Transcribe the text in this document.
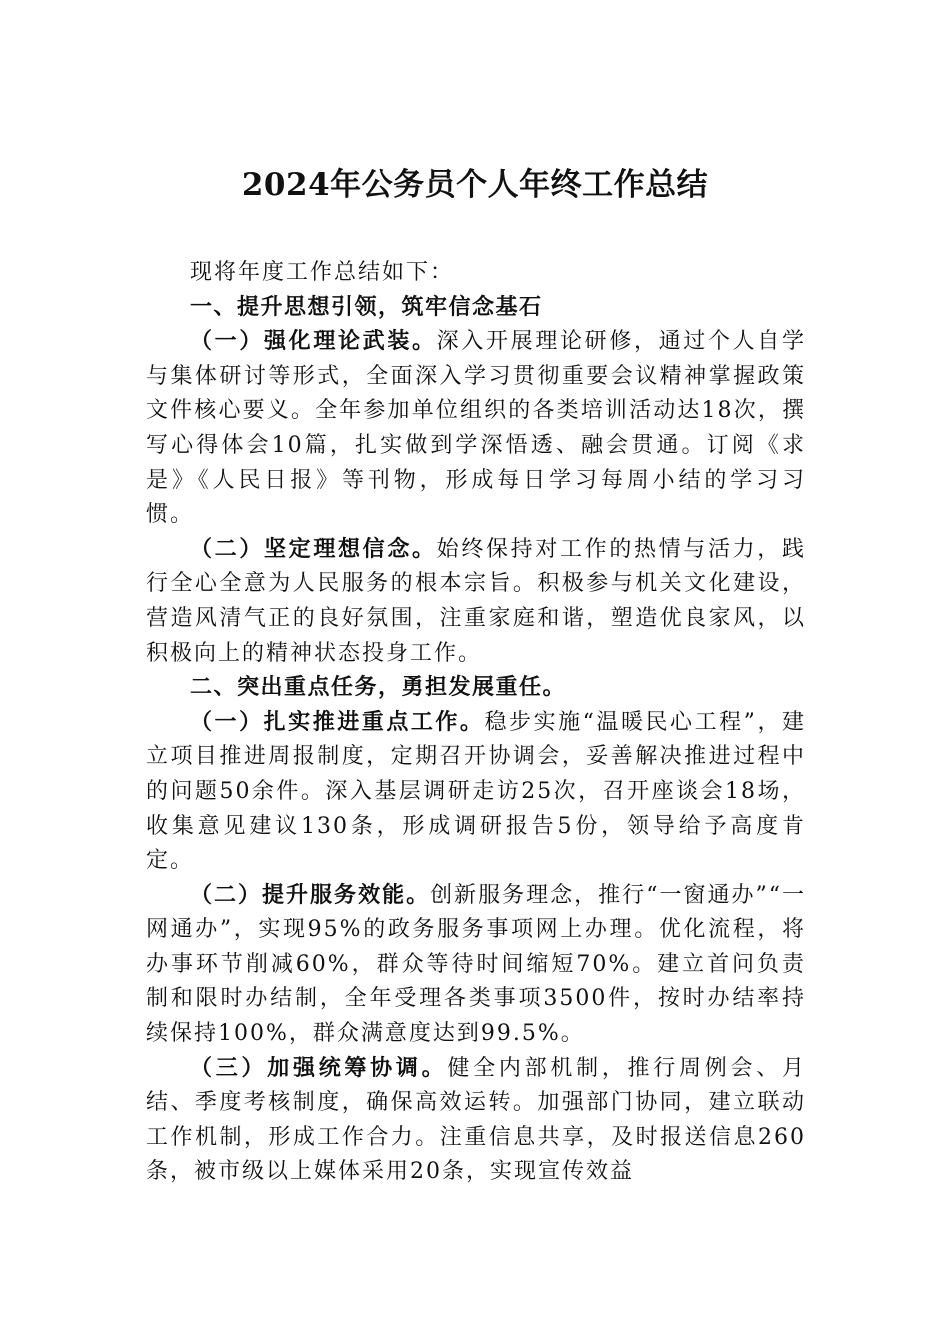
2024年公务员个人年终工作总结

现将年度工作总结如下：

一、提升思想引领，筑牢信念基石

（一）强化理论武装。深入开展理论研修，通过个人自学与集体研讨等形式，全面深入学习贯彻重要会议精神掌握政策文件核心要义。全年参加单位组织的各类培训活动达18次，撰写心得体会10篇，扎实做到学深悟透、融会贯通。订阅《求是》《人民日报》等刊物，形成每日学习每周小结的学习习惯。

（二）坚定理想信念。始终保持对工作的热情与活力，践行全心全意为人民服务的根本宗旨。积极参与机关文化建设，营造风清气正的良好氛围，注重家庭和谐，塑造优良家风，以积极向上的精神状态投身工作。

二、突出重点任务，勇担发展重任。

（一）扎实推进重点工作。稳步实施“温暖民心工程”，建立项目推进周报制度，定期召开协调会，妥善解决推进过程中的问题50余件。深入基层调研走访25次，召开座谈会18场，收集意见建议130条，形成调研报告5份，领导给予高度肯定。

（二）提升服务效能。创新服务理念，推行“一窗通办”“一网通办”，实现95%的政务服务事项网上办理。优化流程，将办事环节削减60%，群众等待时间缩短70%。建立首问负责制和限时办结制，全年受理各类事项3500件，按时办结率持续保持100%，群众满意度达到99.5%。

（三）加强统筹协调。健全内部机制，推行周例会、月结、季度考核制度，确保高效运转。加强部门协同，建立联动工作机制，形成工作合力。注重信息共享，及时报送信息260条，被市级以上媒体采用20条，实现宣传效益
